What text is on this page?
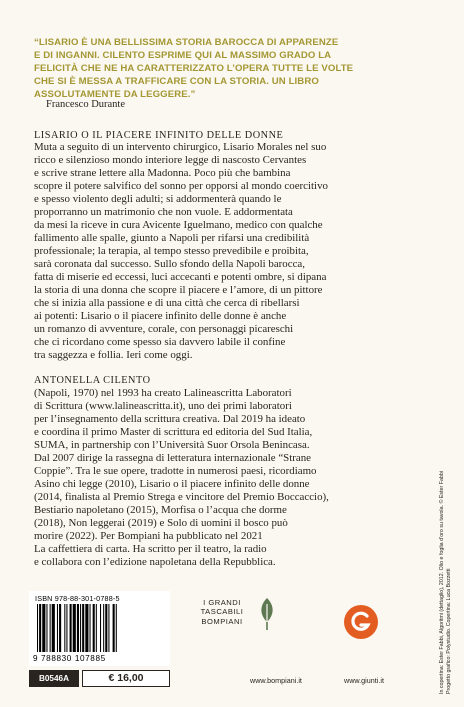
“LISARIO È UNA BELLISSIMA STORIA BAROCCA DI APPARENZE
E DI INGANNI. CILENTO ESPRIME QUI AL MASSIMO GRADO LA
FELICITÀ CHE NE HA CARATTERIZZATO L’OPERA TUTTE LE VOLTE
CHE SI È MESSA A TRAFFICARE CON LA STORIA. UN LIBRO
ASSOLUTAMENTE DA LEGGERE.”
Francesco Durante
LISARIO O IL PIACERE INFINITO DELLE DONNE

Muta a seguito di un intervento chirurgico, Lisario Morales nel suo

ricco e silenzioso mondo interiore legge di nascosto Cervantes

e scrive strane lettere alla Madonna. Poco più che bambina

scopre il potere salvifico del sonno per opporsi al mondo coercitivo

e spesso violento degli adulti; si addormenterà quando le

proporranno un matrimonio che non vuole. E addormentata

da mesi la riceve in cura Avicente Iguelmano, medico con qualche

fallimento alle spalle, giunto a Napoli per rifarsi una credibilità

professionale; la terapia, al tempo stesso prevedibile e proibita,

sarà coronata dal successo. Sullo sfondo della Napoli barocca,

fatta di miserie ed eccessi, luci accecanti e potenti ombre, si dipana

la storia di una donna che scopre il piacere e l’amore, di un pittore

che si inizia alla passione e di una città che cerca di ribellarsi

ai potenti: Lisario o il piacere infinito delle donne è anche

un romanzo di avventure, corale, con personaggi picareschi

che ci ricordano come spesso sia davvero labile il confine

tra saggezza e follia. Ieri come oggi.

ANTONELLA CILENTO

(Napoli, 1970) nel 1993 ha creato Lalineascritta Laboratori

di Scrittura (www.lalineascritta.it), uno dei primi laboratori

per l’insegnamento della scrittura creativa. Dal 2019 ha ideato

e coordina il primo Master di scrittura ed editoria del Sud Italia,

SUMA, in partnership con l’Università Suor Orsola Benincasa.

Dal 2007 dirige la rassegna di letteratura internazionale “Strane

Coppie”. Tra le sue opere, tradotte in numerosi paesi, ricordiamo

Asino chi legge (2010), Lisario o il piacere infinito delle donne

(2014, finalista al Premio Strega e vincitore del Premio Boccaccio),

Bestiario napoletano (2015), Morfisa o l’acqua che dorme

(2018), Non leggerai (2019) e Solo di uomini il bosco può

morire (2022). Per Bompiani ha pubblicato nel 2021

La caffettiera di carta. Ha scritto per il teatro, la radio

e collabora con l’edizione napoletana della Repubblica.

ISBN 978-88-301-0788-5
9 788830 107885
B0546A	€ 16,00
I GRANDI
TASCABILI
BOMPIANI
www.bompiani.it	www.giunti.it	In copertina: Ester Fabbi, Algoritmi (dettaglio), 2012. Olio e foglia d’oro su tavola. © Ester Fabbi Progetto grafico: Polystudio. Copertina: Luca Bozzetti
